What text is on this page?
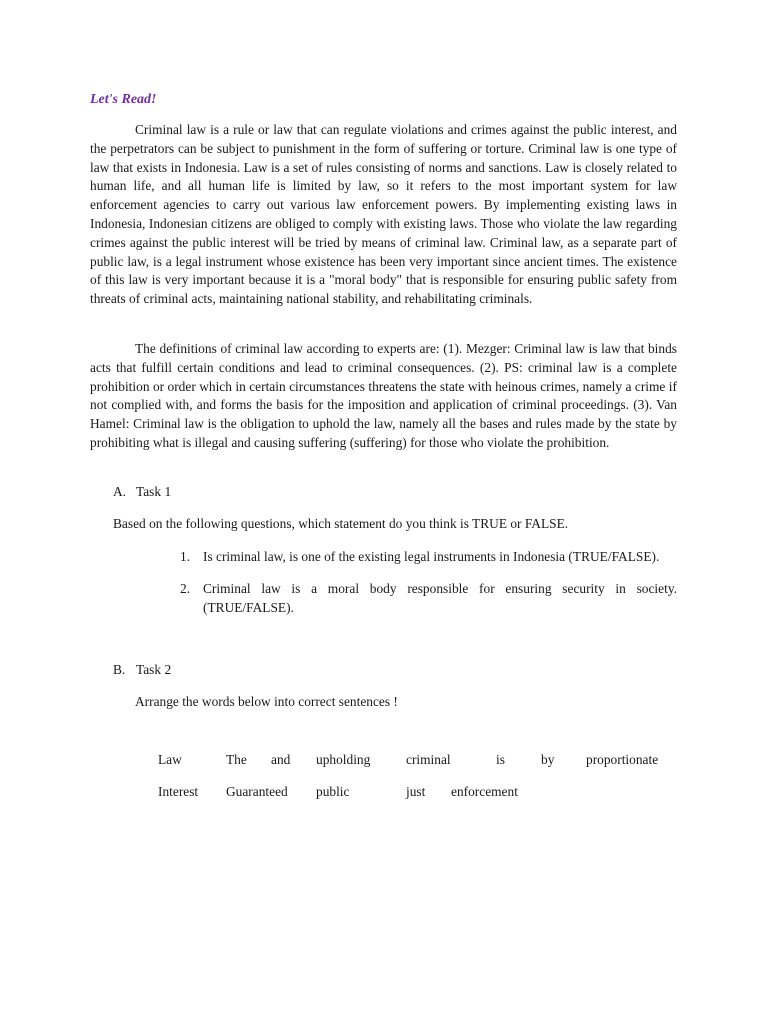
Let's Read!

Criminal law is a rule or law that can regulate violations and crimes against the public interest, and the perpetrators can be subject to punishment in the form of suffering or torture. Criminal law is one type of law that exists in Indonesia. Law is a set of rules consisting of norms and sanctions. Law is closely related to human life, and all human life is limited by law, so it refers to the most important system for law enforcement agencies to carry out various law enforcement powers. By implementing existing laws in Indonesia, Indonesian citizens are obliged to comply with existing laws. Those who violate the law regarding crimes against the public interest will be tried by means of criminal law. Criminal law, as a separate part of public law, is a legal instrument whose existence has been very important since ancient times. The existence of this law is very important because it is a "moral body" that is responsible for ensuring public safety from threats of criminal acts, maintaining national stability, and rehabilitating criminals.

The definitions of criminal law according to experts are: (1). Mezger: Criminal law is law that binds acts that fulfill certain conditions and lead to criminal consequences. (2). PS: criminal law is a complete prohibition or order which in certain circumstances threatens the state with heinous crimes, namely a crime if not complied with, and forms the basis for the imposition and application of criminal proceedings. (3). Van Hamel: Criminal law is the obligation to uphold the law, namely all the bases and rules made by the state by prohibiting what is illegal and causing suffering (suffering) for those who violate the prohibition.

A. Task 1
Based on the following questions, which statement do you think is TRUE or FALSE.
1. Is criminal law, is one of the existing legal instruments in Indonesia (TRUE/FALSE).
2. Criminal law is a moral body responsible for ensuring security in society. (TRUE/FALSE).
B. Task 2
Arrange the words below into correct sentences !
Law	The and upholding	criminal	is	by proportionate
Interest Guaranteed public	just enforcement
